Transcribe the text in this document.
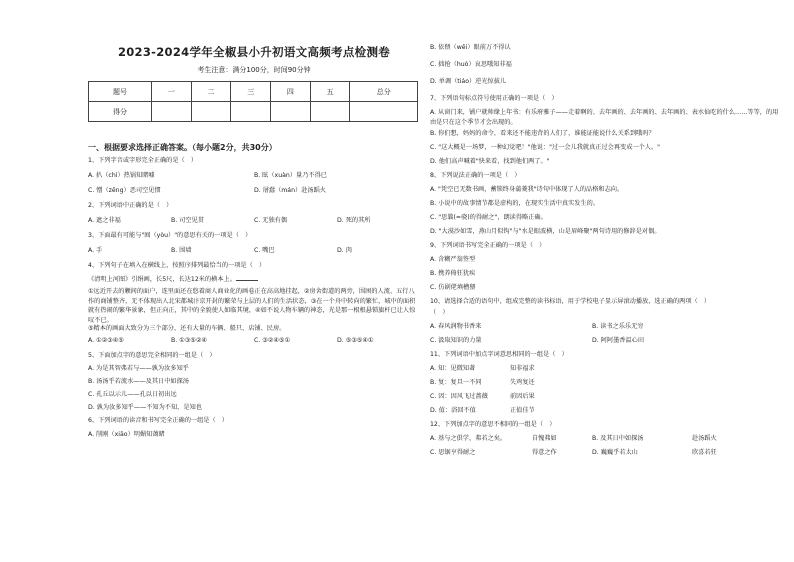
2023-2024学年全椒县小升初语文高频考点检测卷
考生注意：满分100分，时间90分钟
题号	一	二	三	四	五	总分
得分						
一、根据要求选择正确答案。（每小题2分，共30分）

1、下列字音或字形完全正确的是（　）

A. 扒（chì）热锅知睹嘘	B. 眩（xuàn）量乃不得已
C. 憎（zēng）恶司空见惯	D. 屠蠢（mán）赴汤蹈火

2、下列词语中正确的是（　）

A. 遮之非福	B. 司空见贯	C. 无独有偶	D. 死的其所

3、下面最有可能与"囿（yòu）"的意思有关的一项是（　）

A. 手	B. 围墙	C. 嘴巴	D. 肉

4、下列句子在填入在横线上，按照序排列最恰当的一项是（　）

《清明上河图》引绢画，长5尺，长达12米的横本上。

①远近开去的颗间的面户，连里面还在悠着商人商业化的画卷正在高高地挂起，②房舍街道的两旁，围困的人流、五行八作的商铺整齐，无不体现出人北宋都城汴京开封的繁荣与上层的人们的生活状态，③在一个舟中转向的繁忙，城中的面积就有热闹的繁华景象，但正向正，其中的全貌使人如临其境，④如不说人物车辆的神态，光是那一根根悬锁旗杆已让人惊叹不已。

⑤精本的画面大致分为三个部分，还有大量的车辆、船只、店铺、民房。

A. ①②③④⑤	B. ①③⑤②④	C. ③②④⑤①	D. ⑤③⑤④①

5、下面加点字的意思完全相同的一组是（　）

A. 为是其智弗若与——孰为汝多知乎

B. 汤汤乎若流水——及其日中如探汤

C. 孔丘以示儿——孔以日初出远

D. 孰为汝多知乎——不知为不知，是知也

6、下列词语的读音和书写完全正确的一组是（　）

A. 削刚（xiāo）明媚知蔼睹

B. 依偎（wēi）眼前万不得认

C. 拙抢（huò）哀思哦知非福

D. 单调（tiáo）逆光惊拔儿

7、下列语句标点符号使用正确的一项是（　）

A. 从窗门来，铺户就帅缘上年书：有乐府雅子——走着啊的、去年画的、去年画的、去年画的、表水仙吃的什么……等等，的用由是只在这个季节才会出现的。

B. 你们想，妈妈的命令，看来还不能违背的人们了，谁能证能说什么关系到哦吗？

C. "这大概是一场梦，一种幻觉吧！"他说："过一会儿我就真正过会再变成一个人。"

D. 他们高声喊着"快来看，找到他们两了。"

8、下列说法正确的一项是（　）

A. "凭空已无数书画，蓄锁终身蒲菱我"诗句中体现了人的品格和志向。

B. 小说中的故事情节都是虚构的，在现实生活中真实发生的。

C. "思曩(=骁)的得耐之"，朗读得略正确。

D. "大漠沙如雪，燕山月似钩"与"水是眼波横，山是眉峰聚"两句诗用的修辞是对偶。

9、下列词语书写完全正确的一项是（　）

A. 含糊严翁签型

B. 携养倚狂犹疾

C. 仿剧佬填槽猥

10、请选择合适的语句中，组成完整的读书标语，用于学校电子显示屏滚动播放，选正确的两项（　）

（　）

A. 春风润物书香来	B. 读书之乐乐无穷
C. 汲取知识的力量	D. 阿阿墨香温心田

11、下列词语中加点字词意思相同的一组是（　）

A. 知：见微知著	知非福求
B. 复：复旦一不同	失鸡复还
C. 因：因风飞过蔷薇	前因后果
D. 值：浴回不值	正值佳节

12、下列加点字的意思不相同的一组是（　）

A. 基与之俱学，弗若之矣。	自愧弗如	B. 及其日中如探汤	赴汤蹈火
C. 思锯亨得耐之	得意之作	D. 巍巍乎若太山	欣喜若狂
